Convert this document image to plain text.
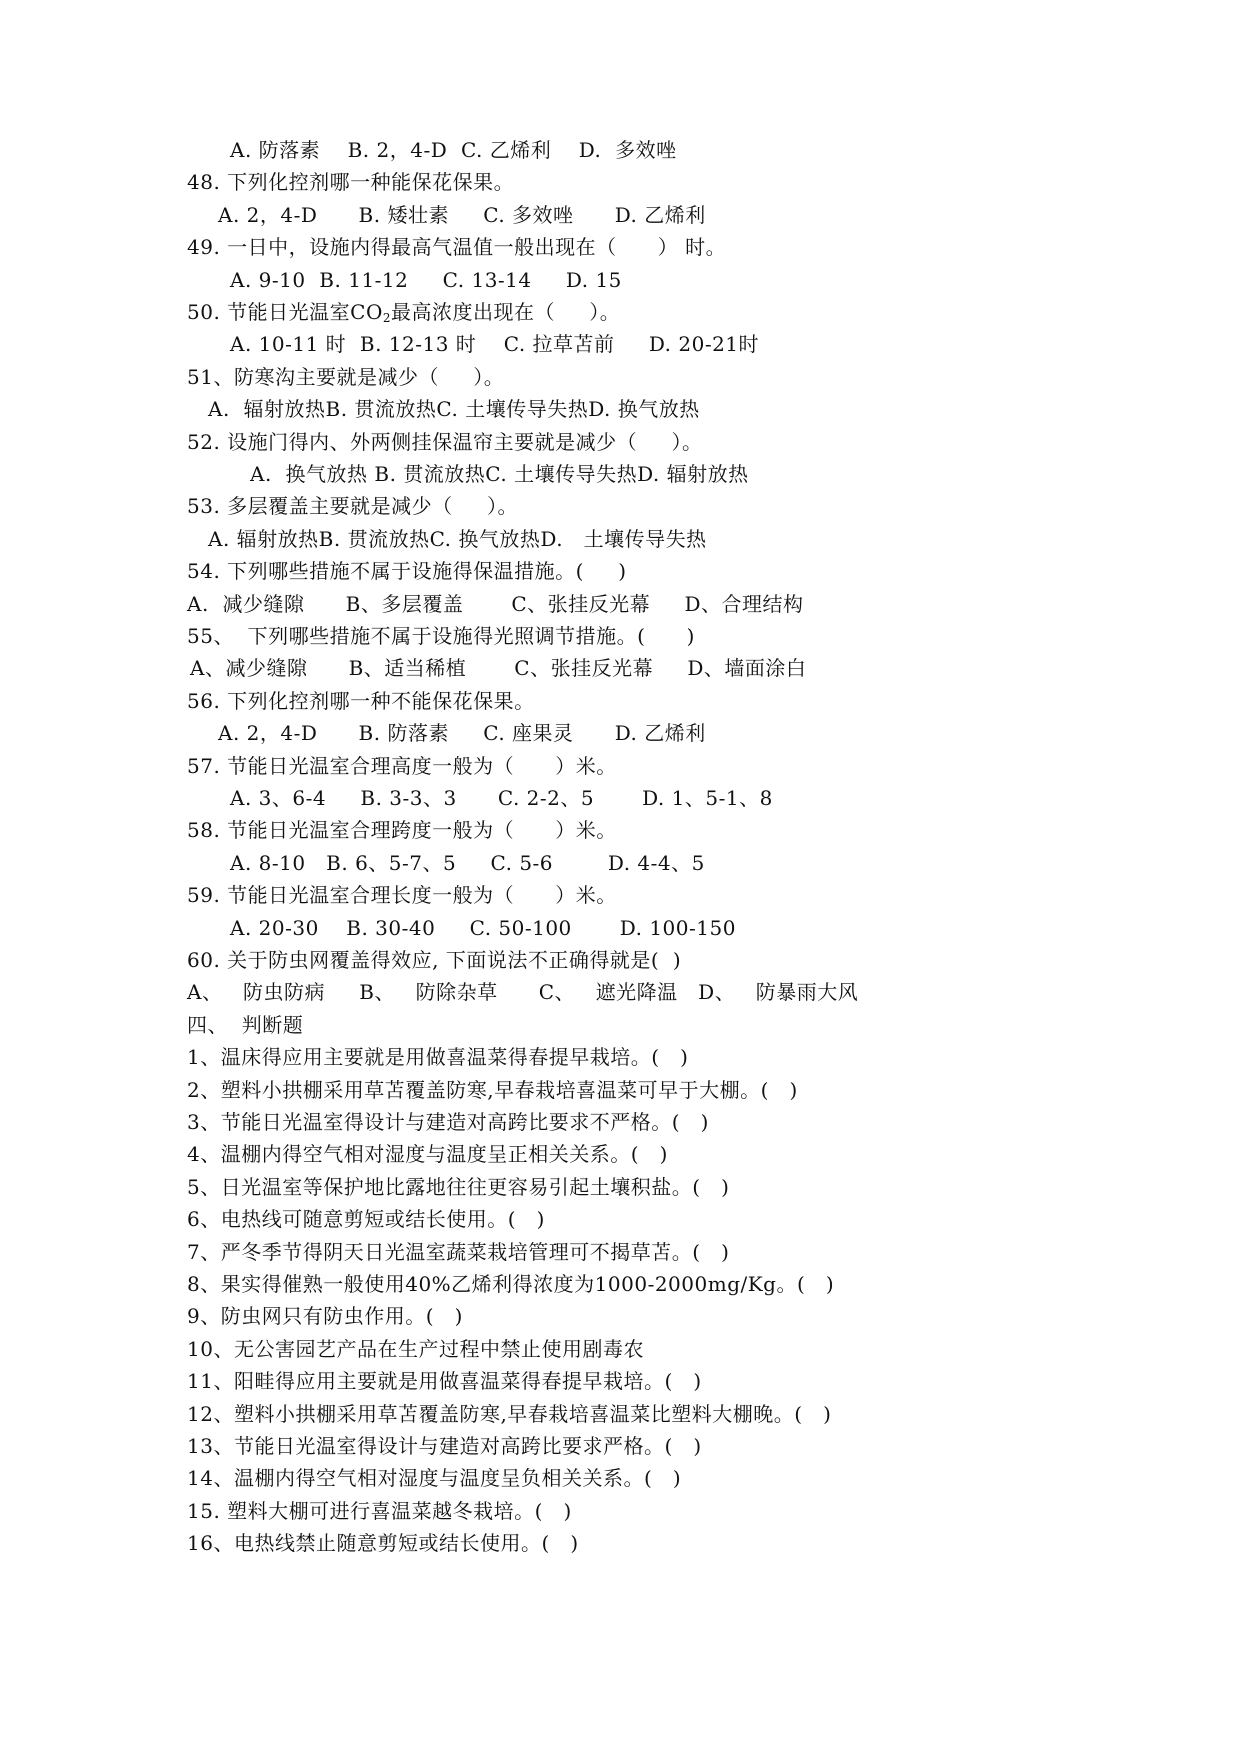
A. 防落素    B. 2，4-D  C. 乙烯利    D.  多效唑
48. 下列化控剂哪一种能保花保果。
A. 2，4-D      B. 矮壮素     C. 多效唑      D. 乙烯利
49. 一日中，设施内得最高气温值一般出现在（      ） 时。
A. 9-10  B. 11-12     C. 13-14     D. 15
50. 节能日光温室$CO_2$最高浓度出现在（     ）。
A. 10-11 时  B. 12-13 时    C. 拉草苫前     D. 20-21时
51、防寒沟主要就是减少（     ）。
A.  辐射放热B. 贯流放热C. 土壤传导失热D. 换气放热
52. 设施门得内、外两侧挂保温帘主要就是减少（     ）。
A.  换气放热 B. 贯流放热C. 土壤传导失热D. 辐射放热
53. 多层覆盖主要就是减少（     ）。
A. 辐射放热B. 贯流放热C. 换气放热D.   土壤传导失热
54. 下列哪些措施不属于设施得保温措施。(     )
A.  减少缝隙      B、多层覆盖       C、张挂反光幕     D、合理结构
55、  下列哪些措施不属于设施得光照调节措施。(      )
A、减少缝隙      B、适当稀植       C、张挂反光幕     D、墙面涂白
56. 下列化控剂哪一种不能保花保果。
A. 2，4-D      B. 防落素     C. 座果灵      D. 乙烯利
57. 节能日光温室合理高度一般为（      ）米。
A. 3、6-4     B. 3-3、3      C. 2-2、5       D. 1、5-1、8
58. 节能日光温室合理跨度一般为（      ）米。
A. 8-10   B. 6、5-7、5     C. 5-6        D. 4-4、5
59. 节能日光温室合理长度一般为（      ）米。
A. 20-30    B. 30-40     C. 50-100       D. 100-150
60. 关于防虫网覆盖得效应, 下面说法不正确得就是(  )
A、   防虫防病     B、   防除杂草      C、   遮光降温   D、   防暴雨大风
四、  判断题
1、温床得应用主要就是用做喜温菜得春提早栽培。(   )
2、塑料小拱棚采用草苫覆盖防寒,早春栽培喜温菜可早于大棚。(   )
3、节能日光温室得设计与建造对高跨比要求不严格。(   )
4、温棚内得空气相对湿度与温度呈正相关关系。(   )
5、日光温室等保护地比露地往往更容易引起土壤积盐。(   )
6、电热线可随意剪短或结长使用。(   )
7、严冬季节得阴天日光温室蔬菜栽培管理可不揭草苫。(   )
8、果实得催熟一般使用40%乙烯利得浓度为1000-2000mg/Kg。(   )
9、防虫网只有防虫作用。(   )
10、无公害园艺产品在生产过程中禁止使用剧毒农
11、阳畦得应用主要就是用做喜温菜得春提早栽培。(   )
12、塑料小拱棚采用草苫覆盖防寒,早春栽培喜温菜比塑料大棚晚。(   )
13、节能日光温室得设计与建造对高跨比要求严格。(   )
14、温棚内得空气相对湿度与温度呈负相关关系。(   )
15. 塑料大棚可进行喜温菜越冬栽培。(   )
16、电热线禁止随意剪短或结长使用。(   )
